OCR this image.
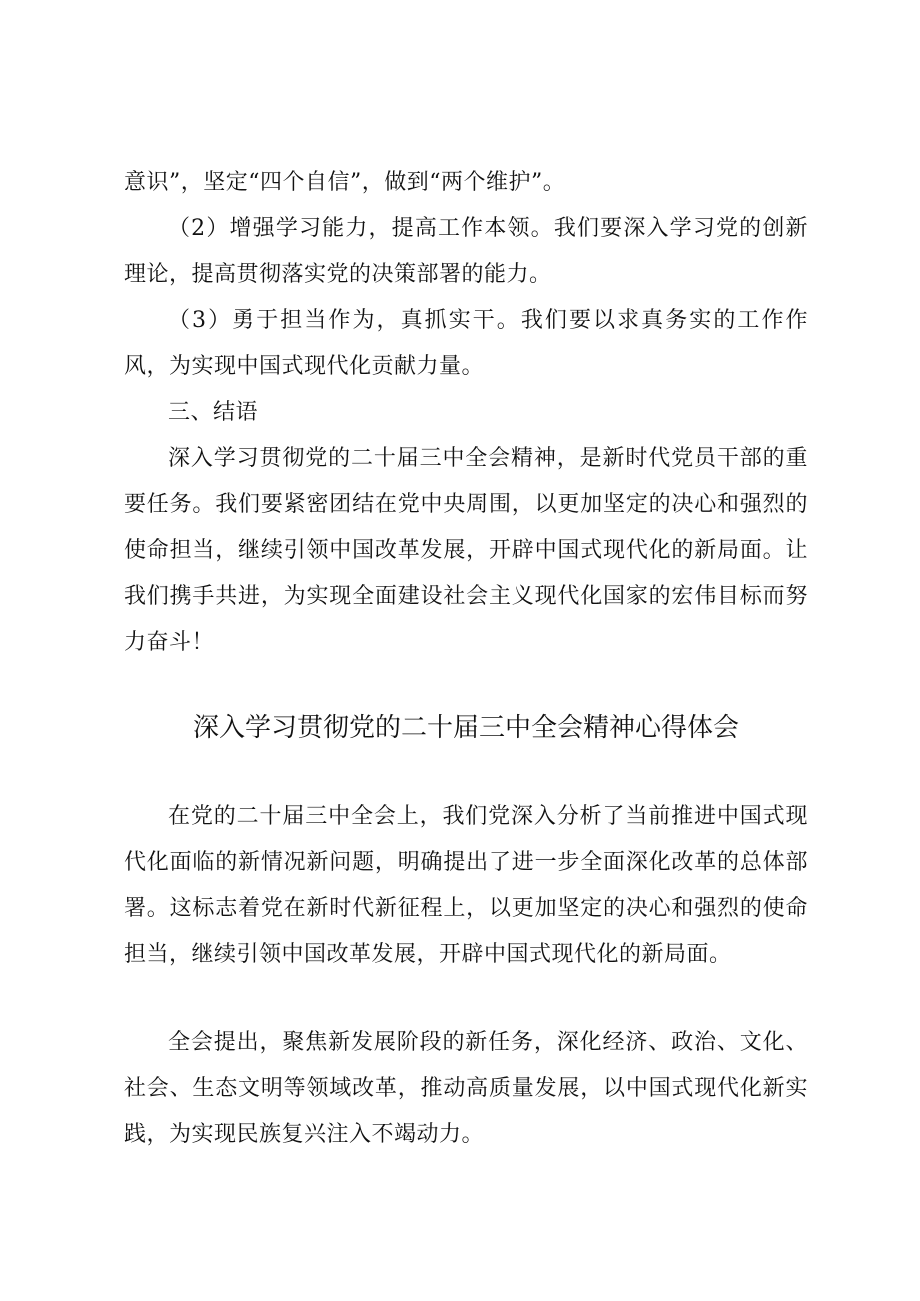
意识”，坚定“四个自信”，做到“两个维护”。

（2）增强学习能力，提高工作本领。我们要深入学习党的创新理论，提高贯彻落实党的决策部署的能力。

（3）勇于担当作为，真抓实干。我们要以求真务实的工作作风，为实现中国式现代化贡献力量。

三、结语

深入学习贯彻党的二十届三中全会精神，是新时代党员干部的重要任务。我们要紧密团结在党中央周围，以更加坚定的决心和强烈的使命担当，继续引领中国改革发展，开辟中国式现代化的新局面。让我们携手共进，为实现全面建设社会主义现代化国家的宏伟目标而努力奋斗！

深入学习贯彻党的二十届三中全会精神心得体会

在党的二十届三中全会上，我们党深入分析了当前推进中国式现代化面临的新情况新问题，明确提出了进一步全面深化改革的总体部署。这标志着党在新时代新征程上，以更加坚定的决心和强烈的使命担当，继续引领中国改革发展，开辟中国式现代化的新局面。

全会提出，聚焦新发展阶段的新任务，深化经济、政治、文化、社会、生态文明等领域改革，推动高质量发展，以中国式现代化新实践，为实现民族复兴注入不竭动力。
